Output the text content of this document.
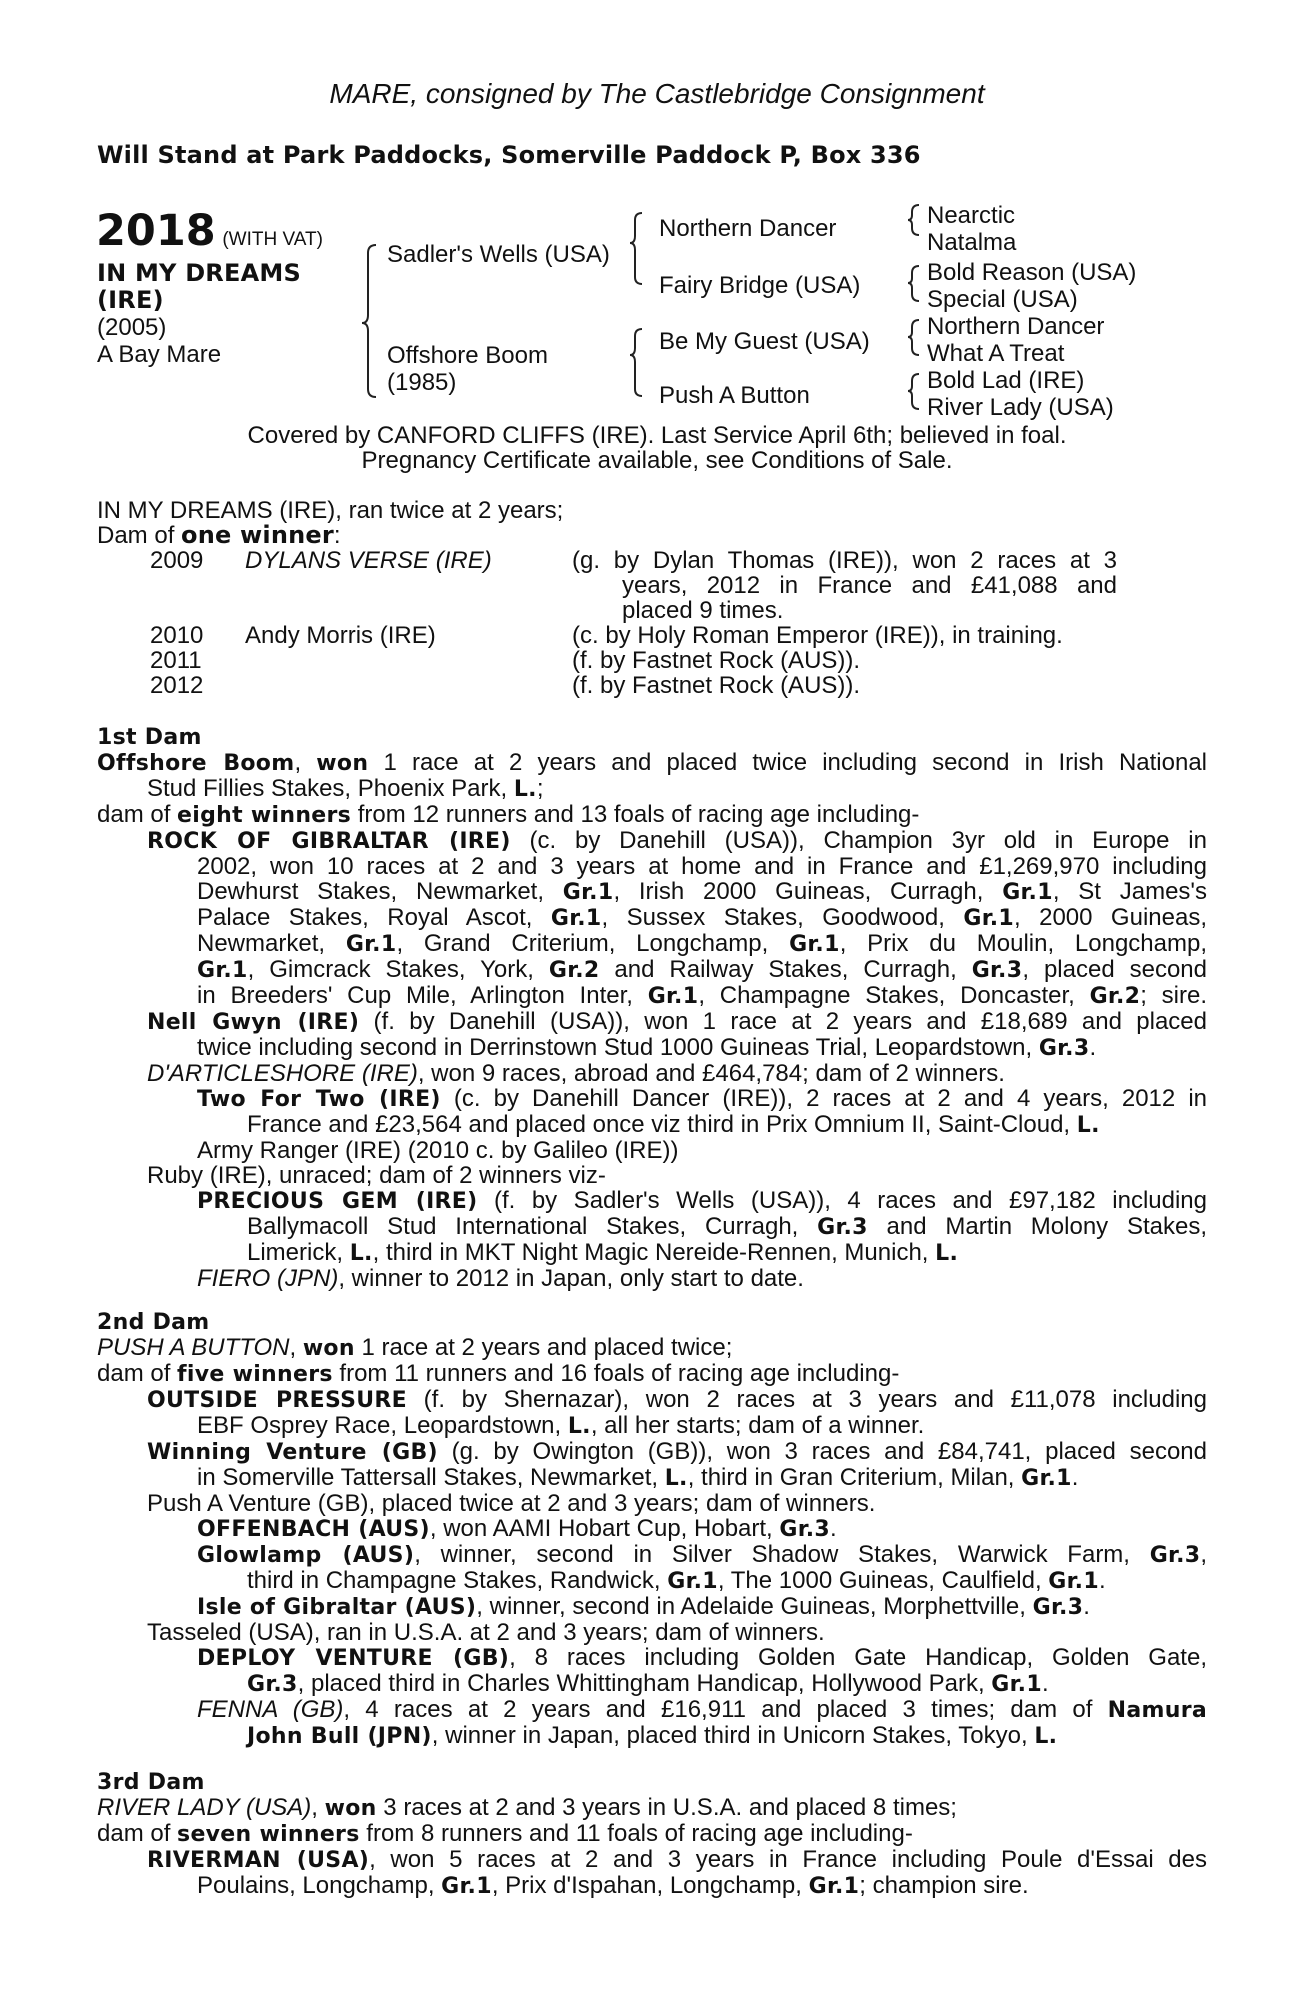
MARE, consigned by The Castlebridge Consignment
Will Stand at Park Paddocks, Somerville Paddock P, Box 336
2018 (WITH VAT)
IN MY DREAMS
(IRE)
(2005)
A Bay Mare
Sadler's Wells (USA)
Offshore Boom
(1985)
Northern Dancer
Fairy Bridge (USA)
Be My Guest (USA)
Push A Button
Nearctic
Natalma
Bold Reason (USA)
Special (USA)
Northern Dancer
What A Treat
Bold Lad (IRE)
River Lady (USA)
Covered by CANFORD CLIFFS (IRE). Last Service April 6th; believed in foal.
Pregnancy Certificate available, see Conditions of Sale.
IN MY DREAMS (IRE), ran twice at 2 years;
Dam of one winner:
2009 DYLANS VERSE (IRE)	(g. by Dylan Thomas (IRE)), won 2 races at 3
years, 2012 in France and £41,088 and
placed 9 times.
2010 Andy Morris (IRE)	(c. by Holy Roman Emperor (IRE)), in training.
2011	(f. by Fastnet Rock (AUS)).
2012	(f. by Fastnet Rock (AUS)).
1st Dam
Offshore Boom, won 1 race at 2 years and placed twice including second in Irish National
Stud Fillies Stakes, Phoenix Park, L.;
dam of eight winners from 12 runners and 13 foals of racing age including-
ROCK OF GIBRALTAR (IRE) (c. by Danehill (USA)), Champion 3yr old in Europe in
2002, won 10 races at 2 and 3 years at home and in France and £1,269,970 including
Dewhurst Stakes, Newmarket, Gr.1, Irish 2000 Guineas, Curragh, Gr.1, St James's
Palace Stakes, Royal Ascot, Gr.1, Sussex Stakes, Goodwood, Gr.1, 2000 Guineas,
Newmarket, Gr.1, Grand Criterium, Longchamp, Gr.1, Prix du Moulin, Longchamp,
Gr.1, Gimcrack Stakes, York, Gr.2 and Railway Stakes, Curragh, Gr.3, placed second
in Breeders' Cup Mile, Arlington Inter, Gr.1, Champagne Stakes, Doncaster, Gr.2; sire.
Nell Gwyn (IRE) (f. by Danehill (USA)), won 1 race at 2 years and £18,689 and placed
twice including second in Derrinstown Stud 1000 Guineas Trial, Leopardstown, Gr.3.
D'ARTICLESHORE (IRE), won 9 races, abroad and £464,784; dam of 2 winners.
Two For Two (IRE) (c. by Danehill Dancer (IRE)), 2 races at 2 and 4 years, 2012 in
France and £23,564 and placed once viz third in Prix Omnium II, Saint-Cloud, L.
Army Ranger (IRE) (2010 c. by Galileo (IRE))
Ruby (IRE), unraced; dam of 2 winners viz-
PRECIOUS GEM (IRE) (f. by Sadler's Wells (USA)), 4 races and £97,182 including
Ballymacoll Stud International Stakes, Curragh, Gr.3 and Martin Molony Stakes,
Limerick, L., third in MKT Night Magic Nereide-Rennen, Munich, L.
FIERO (JPN), winner to 2012 in Japan, only start to date.
2nd Dam
PUSH A BUTTON, won 1 race at 2 years and placed twice;
dam of five winners from 11 runners and 16 foals of racing age including-
OUTSIDE PRESSURE (f. by Shernazar), won 2 races at 3 years and £11,078 including
EBF Osprey Race, Leopardstown, L., all her starts; dam of a winner.
Winning Venture (GB) (g. by Owington (GB)), won 3 races and £84,741, placed second
in Somerville Tattersall Stakes, Newmarket, L., third in Gran Criterium, Milan, Gr.1.
Push A Venture (GB), placed twice at 2 and 3 years; dam of winners.
OFFENBACH (AUS), won AAMI Hobart Cup, Hobart, Gr.3.
Glowlamp (AUS), winner, second in Silver Shadow Stakes, Warwick Farm, Gr.3,
third in Champagne Stakes, Randwick, Gr.1, The 1000 Guineas, Caulfield, Gr.1.
Isle of Gibraltar (AUS), winner, second in Adelaide Guineas, Morphettville, Gr.3.
Tasseled (USA), ran in U.S.A. at 2 and 3 years; dam of winners.
DEPLOY VENTURE (GB), 8 races including Golden Gate Handicap, Golden Gate,
Gr.3, placed third in Charles Whittingham Handicap, Hollywood Park, Gr.1.
FENNA (GB), 4 races at 2 years and £16,911 and placed 3 times; dam of Namura
John Bull (JPN), winner in Japan, placed third in Unicorn Stakes, Tokyo, L.
3rd Dam
RIVER LADY (USA), won 3 races at 2 and 3 years in U.S.A. and placed 8 times;
dam of seven winners from 8 runners and 11 foals of racing age including-
RIVERMAN (USA), won 5 races at 2 and 3 years in France including Poule d'Essai des
Poulains, Longchamp, Gr.1, Prix d'Ispahan, Longchamp, Gr.1; champion sire.
